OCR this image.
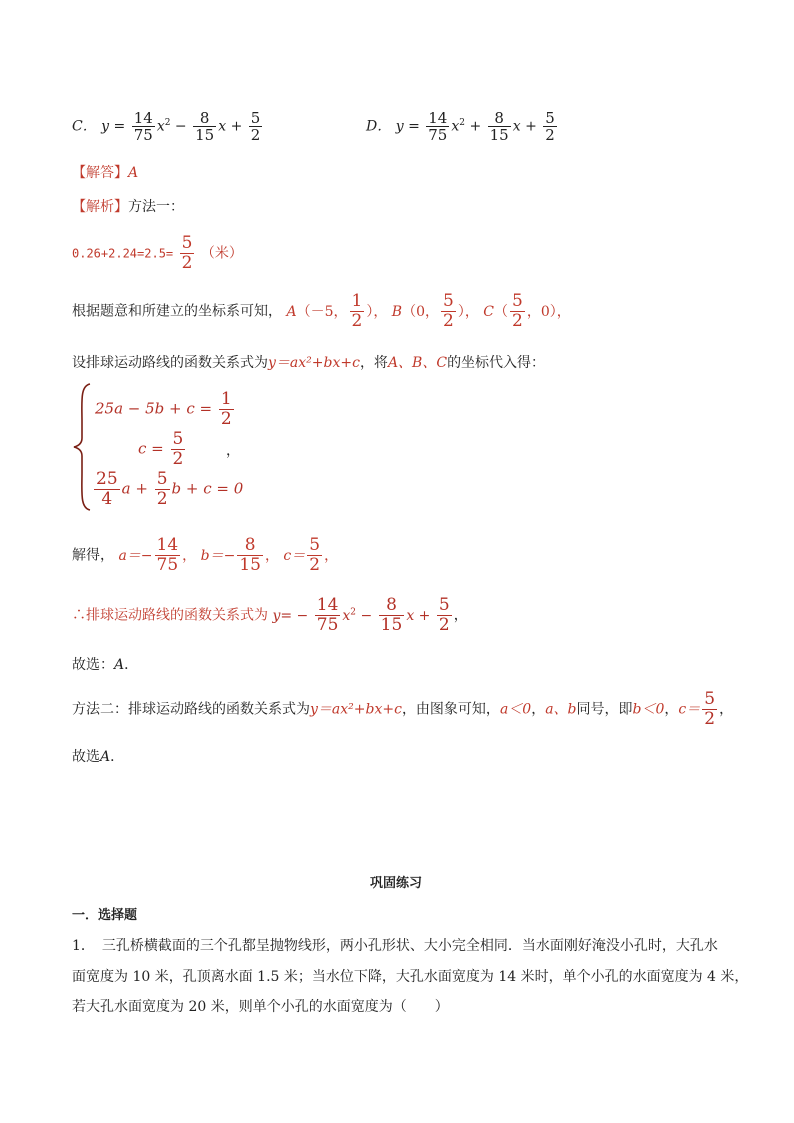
C． $y = \frac{14}{75} x^2 - \frac{8}{15}$ $x + \frac{5}{2}$	D． $y = \frac{14}{75} x^2 + \frac{8}{15}$ $x + \frac{5}{2}$
【解答】A
【解析】方法一：
$0.26+2.24=2.5= \frac{5}{2}$ （米）
根据题意和所建立的坐标系可知， A（－5， $\frac{1}{2}$ ）， B（0， $\frac{5}{2}$ ）， $C( \frac{5}{2}$ ，0），
设排球运动路线的函数关系式为y＝ax²+bx+c，将A、B、C的坐标代入得：
$25a - 5b + c = \frac{1}{2}$
$c = \frac{5}{2}$	，
$\frac{25}{4}$ $a + \frac{5}{2}$ b + c = 0
解得， $a=- \frac{14}{75}$ ， $b=- \frac{8}{15}$ ， $c= \frac{5}{2}$ ，
∴排球运动路线的函数关系式为 $y= - \frac{14}{75} x^2 - \frac{8}{15}$ $x + \frac{5}{2}$ ，
故选：A．
方法二：排球运动路线的函数关系式为y＝ax²+bx+c，由图象可知，a＜0，a、b同号，即b＜0，$c= \frac{5}{2}$ ，
故选A．
巩固练习
一．选择题
1．　三孔桥横截面的三个孔都呈抛物线形，两小孔形状、大小完全相同．当水面刚好淹没小孔时，大孔水
面宽度为 10 米，孔顶离水面 1.5 米；当水位下降，大孔水面宽度为 14 米时，单个小孔的水面宽度为 4 米，
若大孔水面宽度为 20 米，则单个小孔的水面宽度为（　　）
